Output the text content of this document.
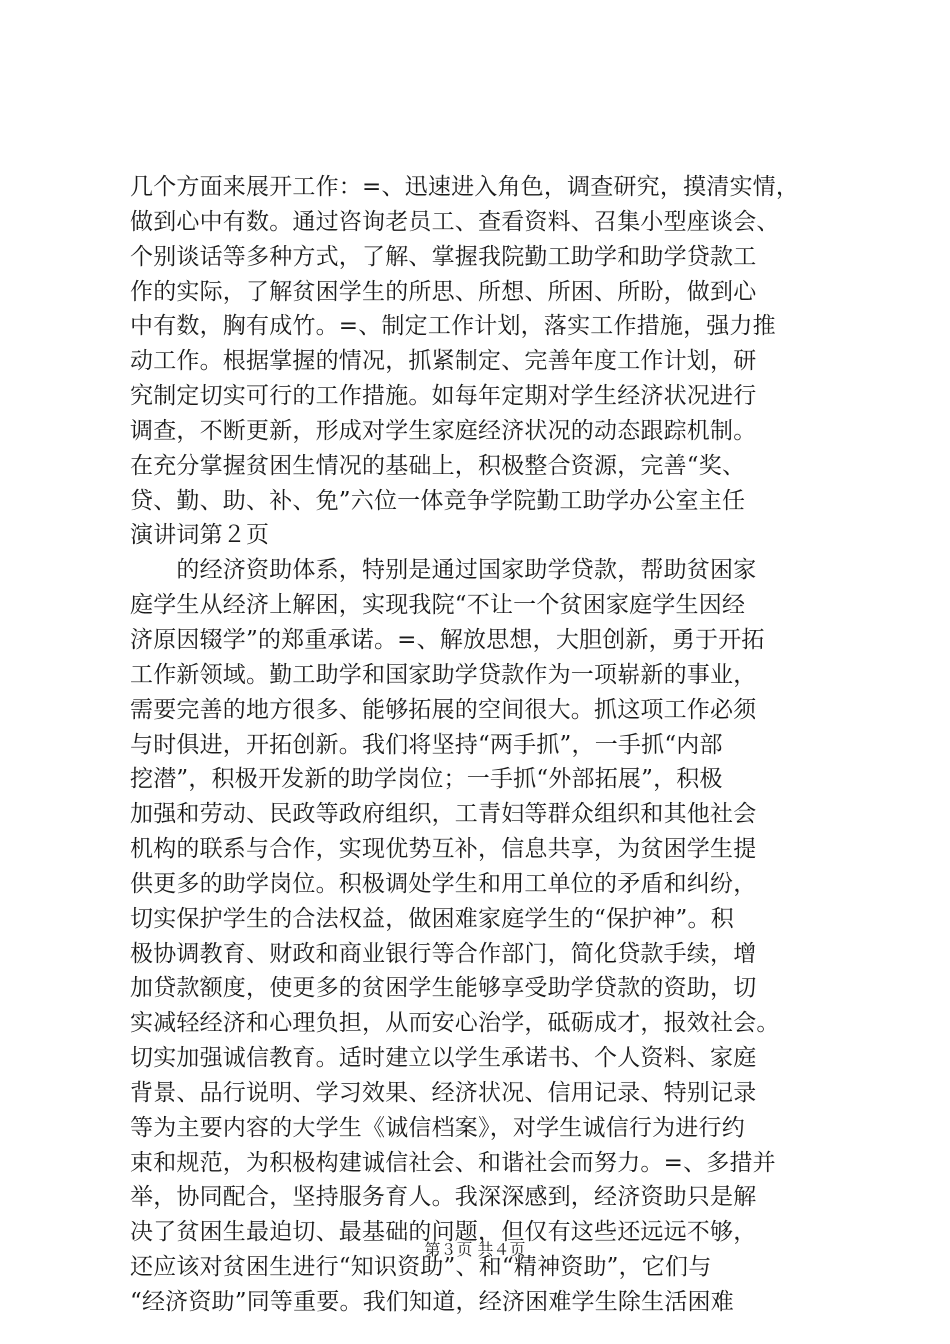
几个方面来展开工作：=、迅速进入角色，调查研究，摸清实情，
做到心中有数。通过咨询老员工、查看资料、召集小型座谈会、
个别谈话等多种方式，了解、掌握我院勤工助学和助学贷款工
作的实际，了解贫困学生的所思、所想、所困、所盼，做到心
中有数，胸有成竹。=、制定工作计划，落实工作措施，强力推
动工作。根据掌握的情况，抓紧制定、完善年度工作计划，研
究制定切实可行的工作措施。如每年定期对学生经济状况进行
调查，不断更新，形成对学生家庭经济状况的动态跟踪机制。
在充分掌握贫困生情况的基础上，积极整合资源，完善“奖、
贷、勤、助、补、免”六位一体竞争学院勤工助学办公室主任
演讲词第２页
　　的经济资助体系，特别是通过国家助学贷款，帮助贫困家
庭学生从经济上解困，实现我院“不让一个贫困家庭学生因经
济原因辍学”的郑重承诺。=、解放思想，大胆创新，勇于开拓
工作新领域。勤工助学和国家助学贷款作为一项崭新的事业，
需要完善的地方很多、能够拓展的空间很大。抓这项工作必须
与时俱进，开拓创新。我们将坚持“两手抓”，一手抓“内部
挖潜”，积极开发新的助学岗位；一手抓“外部拓展”，积极
加强和劳动、民政等政府组织，工青妇等群众组织和其他社会
机构的联系与合作，实现优势互补，信息共享，为贫困学生提
供更多的助学岗位。积极调处学生和用工单位的矛盾和纠纷，
切实保护学生的合法权益，做困难家庭学生的“保护神”。积
极协调教育、财政和商业银行等合作部门，简化贷款手续，增
加贷款额度，使更多的贫困学生能够享受助学贷款的资助，切
实减轻经济和心理负担，从而安心治学，砥砺成才，报效社会。
切实加强诚信教育。适时建立以学生承诺书、个人资料、家庭
背景、品行说明、学习效果、经济状况、信用记录、特别记录
等为主要内容的大学生《诚信档案》，对学生诚信行为进行约
束和规范，为积极构建诚信社会、和谐社会而努力。=、多措并
举，协同配合，坚持服务育人。我深深感到，经济资助只是解
决了贫困生最迫切、最基础的问题，但仅有这些还远远不够，
还应该对贫困生进行“知识资助”、和“精神资助”，它们与
“经济资助”同等重要。我们知道，经济困难学生除生活困难
第３页 共４页
